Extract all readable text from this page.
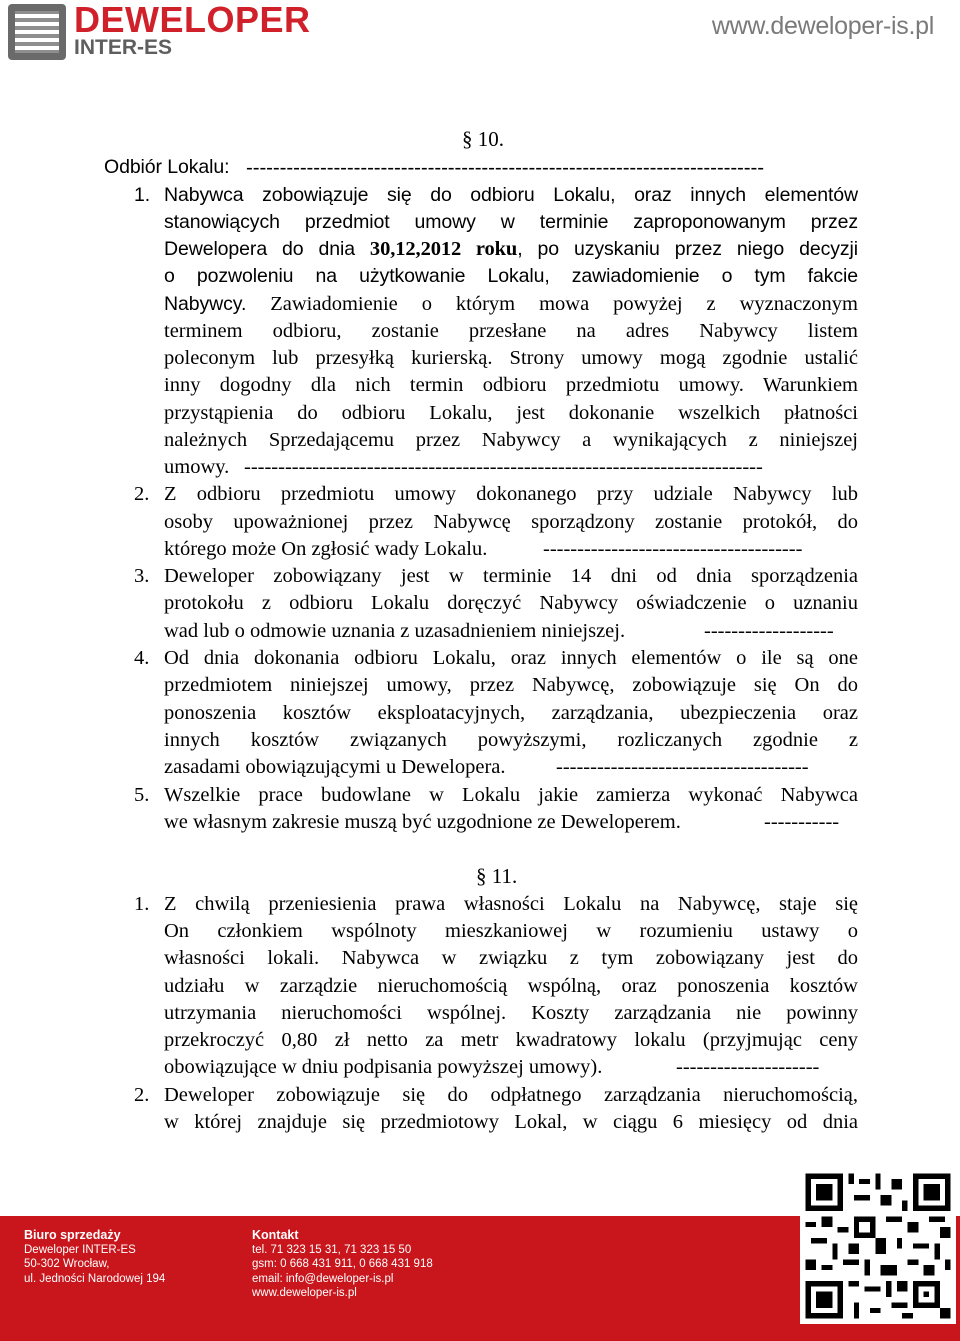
DEWELOPER
INTER-ES
www.deweloper-is.pl
§ 10.
Odbiór Lokalu: -----------------------------------------------------------------------------
1. Nabywca zobowiązuje się do odbioru Lokalu, oraz innych elementów
stanowiących przedmiot umowy w terminie zaproponowanym przez
Dewelopera do dnia 30,12,2012 roku, po uzyskaniu przez niego decyzji
o pozwoleniu na użytkowanie Lokalu, zawiadomienie o tym fakcie
Nabywcy. Zawiadomienie o którym mowa powyżej z wyznaczonym
terminem odbioru, zostanie przesłane na adres Nabywcy listem
poleconym lub przesyłką kurierską. Strony umowy mogą zgodnie ustalić
inny dogodny dla nich termin odbioru przedmiotu umowy. Warunkiem
przystąpienia do odbioru Lokalu, jest dokonanie wszelkich płatności
należnych Sprzedającemu przez Nabywcy a wynikających z niniejszej
umowy. ----------------------------------------------------------------------------
2. Z odbioru przedmiotu umowy dokonanego przy udziale Nabywcy lub
osoby upoważnionej przez Nabywcę sporządzony zostanie protokół, do
którego może On zgłosić wady Lokalu.	--------------------------------------
3. Deweloper zobowiązany jest w terminie 14 dni od dnia sporządzenia
protokołu z odbioru Lokalu doręczyć Nabywcy oświadczenie o uznaniu
wad lub o odmowie uznania z uzasadnieniem niniejszej.	-------------------
4. Od dnia dokonania odbioru Lokalu, oraz innych elementów o ile są one
przedmiotem niniejszej umowy, przez Nabywcę, zobowiązuje się On do
ponoszenia kosztów eksploatacyjnych, zarządzania, ubezpieczenia oraz
innych kosztów związanych powyższymi, rozliczanych zgodnie z
zasadami obowiązującymi u Dewelopera. -------------------------------------
5. Wszelkie prace budowlane w Lokalu jakie zamierza wykonać Nabywca
we własnym zakresie muszą być uzgodnione ze Deweloperem.	-----------
§ 11.
1. Z chwilą przeniesienia prawa własności Lokalu na Nabywcę, staje się
On członkiem wspólnoty mieszkaniowej w rozumieniu ustawy o
własności lokali. Nabywca w związku z tym zobowiązany jest do
udziału w zarządzie nieruchomością wspólną, oraz ponoszenia kosztów
utrzymania nieruchomości wspólnej. Koszty zarządzania nie powinny
przekroczyć 0,80 zł netto za metr kwadratowy lokalu (przyjmując ceny
obowiązujące w dniu podpisania powyższej umowy).	---------------------
2. Deweloper zobowiązuje się do odpłatnego zarządzania nieruchomością,
w której znajduje się przedmiotowy Lokal, w ciągu 6 miesięcy od dnia
Biuro sprzedaży
Deweloper INTER-ES
50-302 Wrocław,
ul. Jedności Narodowej 194
Kontakt
tel. 71 323 15 31, 71 323 15 50
gsm: 0 668 431 911, 0 668 431 918
email: info@deweloper-is.pl
www.deweloper-is.pl
